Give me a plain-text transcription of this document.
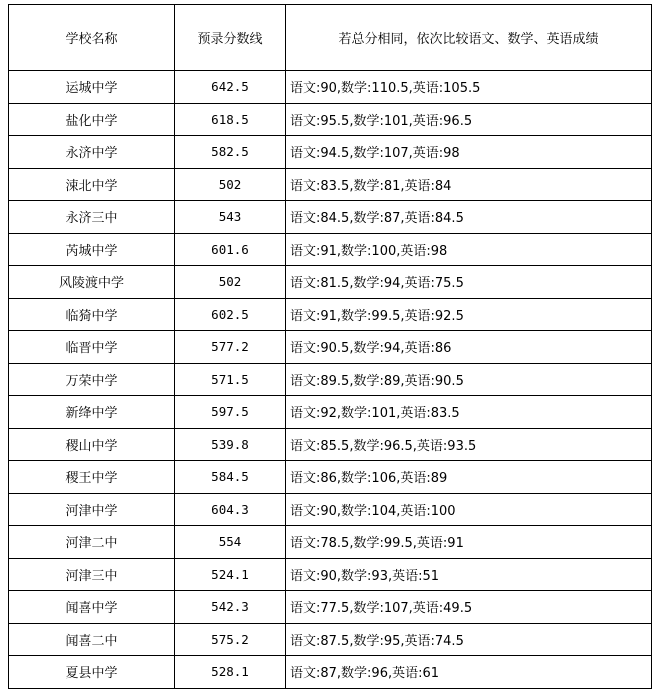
学校名称	预录分数线	若总分相同，依次比较语文、数学、英语成绩
运城中学	642.5	语文:90,数学:110.5,英语:105.5
盐化中学	618.5	语文:95.5,数学:101,英语:96.5
永济中学	582.5	语文:94.5,数学:107,英语:98
涑北中学	502	语文:83.5,数学:81,英语:84
永济三中	543	语文:84.5,数学:87,英语:84.5
芮城中学	601.6	语文:91,数学:100,英语:98
风陵渡中学	502	语文:81.5,数学:94,英语:75.5
临猗中学	602.5	语文:91,数学:99.5,英语:92.5
临晋中学	577.2	语文:90.5,数学:94,英语:86
万荣中学	571.5	语文:89.5,数学:89,英语:90.5
新绛中学	597.5	语文:92,数学:101,英语:83.5
稷山中学	539.8	语文:85.5,数学:96.5,英语:93.5
稷王中学	584.5	语文:86,数学:106,英语:89
河津中学	604.3	语文:90,数学:104,英语:100
河津二中	554	语文:78.5,数学:99.5,英语:91
河津三中	524.1	语文:90,数学:93,英语:51
闻喜中学	542.3	语文:77.5,数学:107,英语:49.5
闻喜二中	575.2	语文:87.5,数学:95,英语:74.5
夏县中学	528.1	语文:87,数学:96,英语:61
